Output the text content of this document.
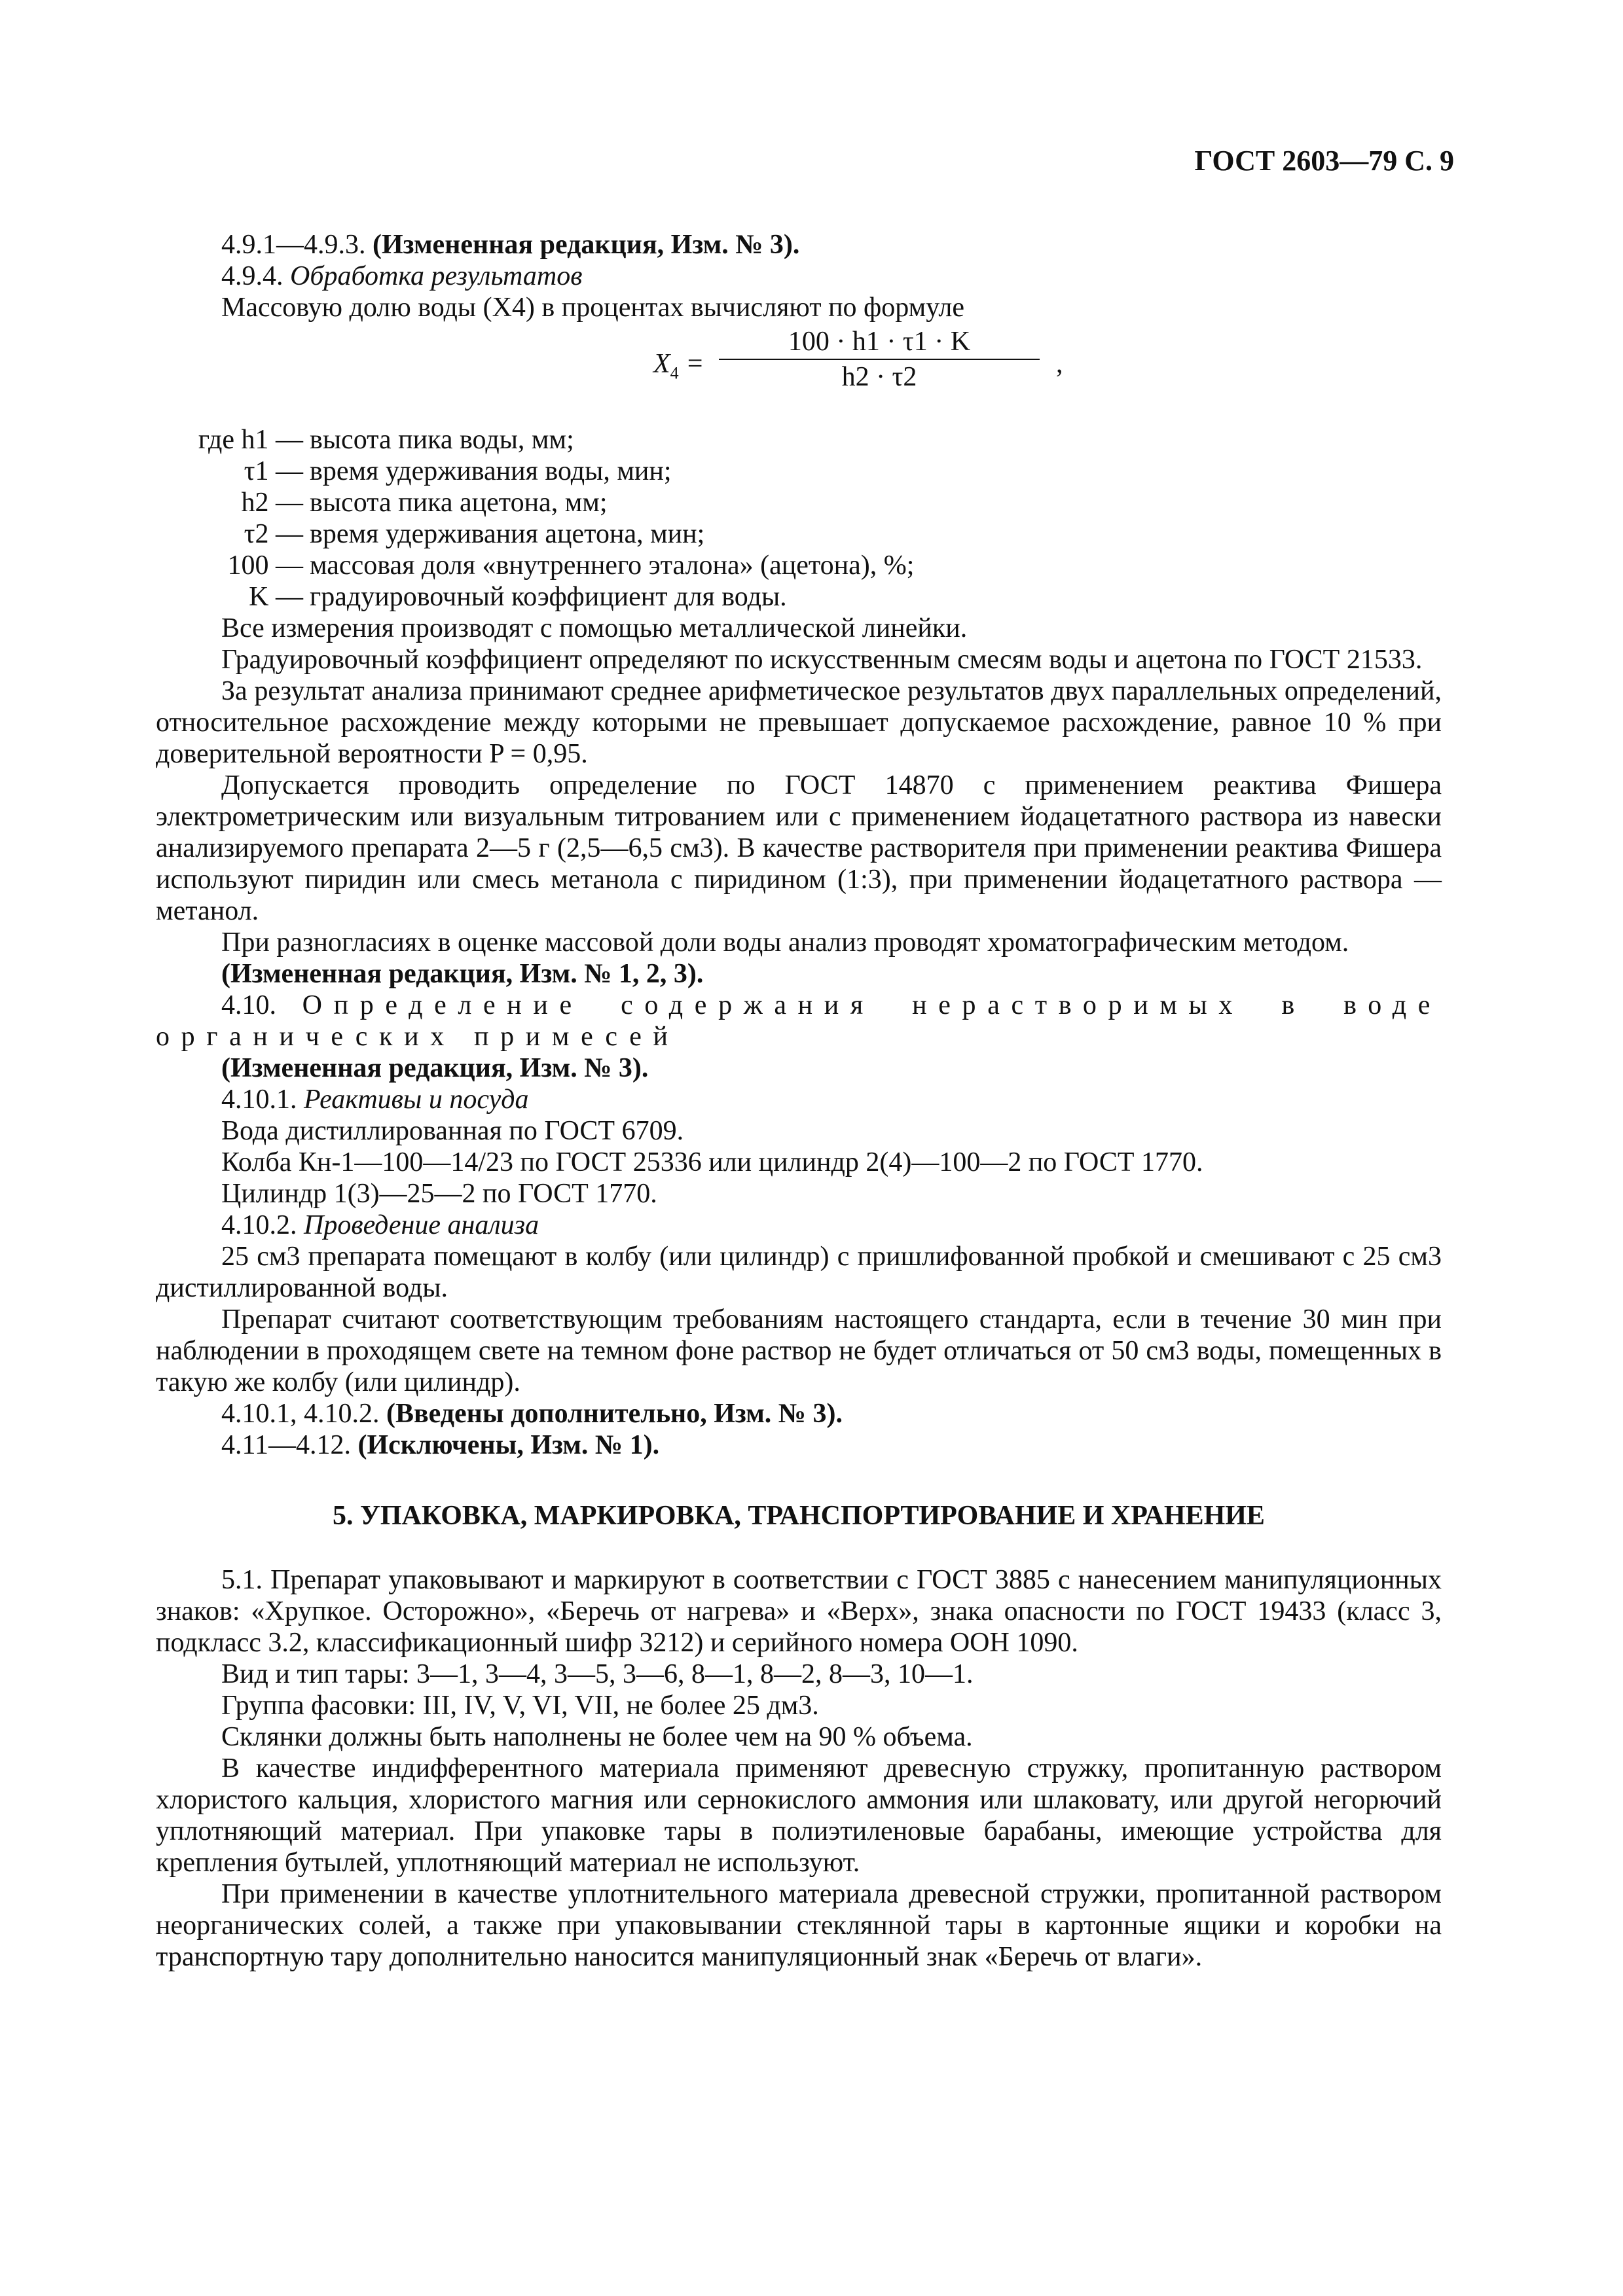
ГОСТ 2603—79 С. 9

4.9.1—4.9.3. (Измененная редакция, Изм. № 3).

4.9.4. Обработка результатов

Массовую долю воды (X4) в процентах вычисляют по формуле

$X_4 = \frac{100 \cdot h1 \cdot \tau 1 \cdot K}{h2 \cdot \tau 2}$ ,
где h1 — высота пика воды, мм;
τ1 — время удерживания воды, мин;
h2 — высота пика ацетона, мм;
τ2 — время удерживания ацетона, мин;
100 — массовая доля «внутреннего эталона» (ацетона), %;
K — градуировочный коэффициент для воды.

Все измерения производят с помощью металлической линейки.

Градуировочный коэффициент определяют по искусственным смесям воды и ацетона по ГОСТ 21533.

За результат анализа принимают среднее арифметическое результатов двух параллельных определений, относительное расхождение между которыми не превышает допускаемое расхождение, равное 10 % при доверительной вероятности P = 0,95.

Допускается проводить определение по ГОСТ 14870 с применением реактива Фишера электрометрическим или визуальным титрованием или с применением йодацетатного раствора из навески анализируемого препарата 2—5 г (2,5—6,5 см3). В качестве растворителя при применении реактива Фишера используют пиридин или смесь метанола с пиридином (1:3), при применении йодацетатного раствора — метанол.

При разногласиях в оценке массовой доли воды анализ проводят хроматографическим методом.

(Измененная редакция, Изм. № 1, 2, 3).

4.10. Определение содержания нерастворимых в воде органических примесей

(Измененная редакция, Изм. № 3).

4.10.1. Реактивы и посуда

Вода дистиллированная по ГОСТ 6709.

Колба Кн-1—100—14/23 по ГОСТ 25336 или цилиндр 2(4)—100—2 по ГОСТ 1770.

Цилиндр 1(3)—25—2 по ГОСТ 1770.

4.10.2. Проведение анализа

25 см3 препарата помещают в колбу (или цилиндр) с пришлифованной пробкой и смешивают с 25 см3 дистиллированной воды.

Препарат считают соответствующим требованиям настоящего стандарта, если в течение 30 мин при наблюдении в проходящем свете на темном фоне раствор не будет отличаться от 50 см3 воды, помещенных в такую же колбу (или цилиндр).

4.10.1, 4.10.2. (Введены дополнительно, Изм. № 3).

4.11—4.12. (Исключены, Изм. № 1).

5. УПАКОВКА, МАРКИРОВКА, ТРАНСПОРТИРОВАНИЕ И ХРАНЕНИЕ

5.1. Препарат упаковывают и маркируют в соответствии с ГОСТ 3885 с нанесением манипуляционных знаков: «Хрупкое. Осторожно», «Беречь от нагрева» и «Верх», знака опасности по ГОСТ 19433 (класс 3, подкласс 3.2, классификационный шифр 3212) и серийного номера ООН 1090.

Вид и тип тары: 3—1, 3—4, 3—5, 3—6, 8—1, 8—2, 8—3, 10—1.

Группа фасовки: III, IV, V, VI, VII, не более 25 дм3.

Склянки должны быть наполнены не более чем на 90 % объема.

В качестве индифферентного материала применяют древесную стружку, пропитанную раствором хлористого кальция, хлористого магния или сернокислого аммония или шлаковату, или другой негорючий уплотняющий материал. При упаковке тары в полиэтиленовые барабаны, имеющие устройства для крепления бутылей, уплотняющий материал не используют.

При применении в качестве уплотнительного материала древесной стружки, пропитанной раствором неорганических солей, а также при упаковывании стеклянной тары в картонные ящики и коробки на транспортную тару дополнительно наносится манипуляционный знак «Беречь от влаги».
